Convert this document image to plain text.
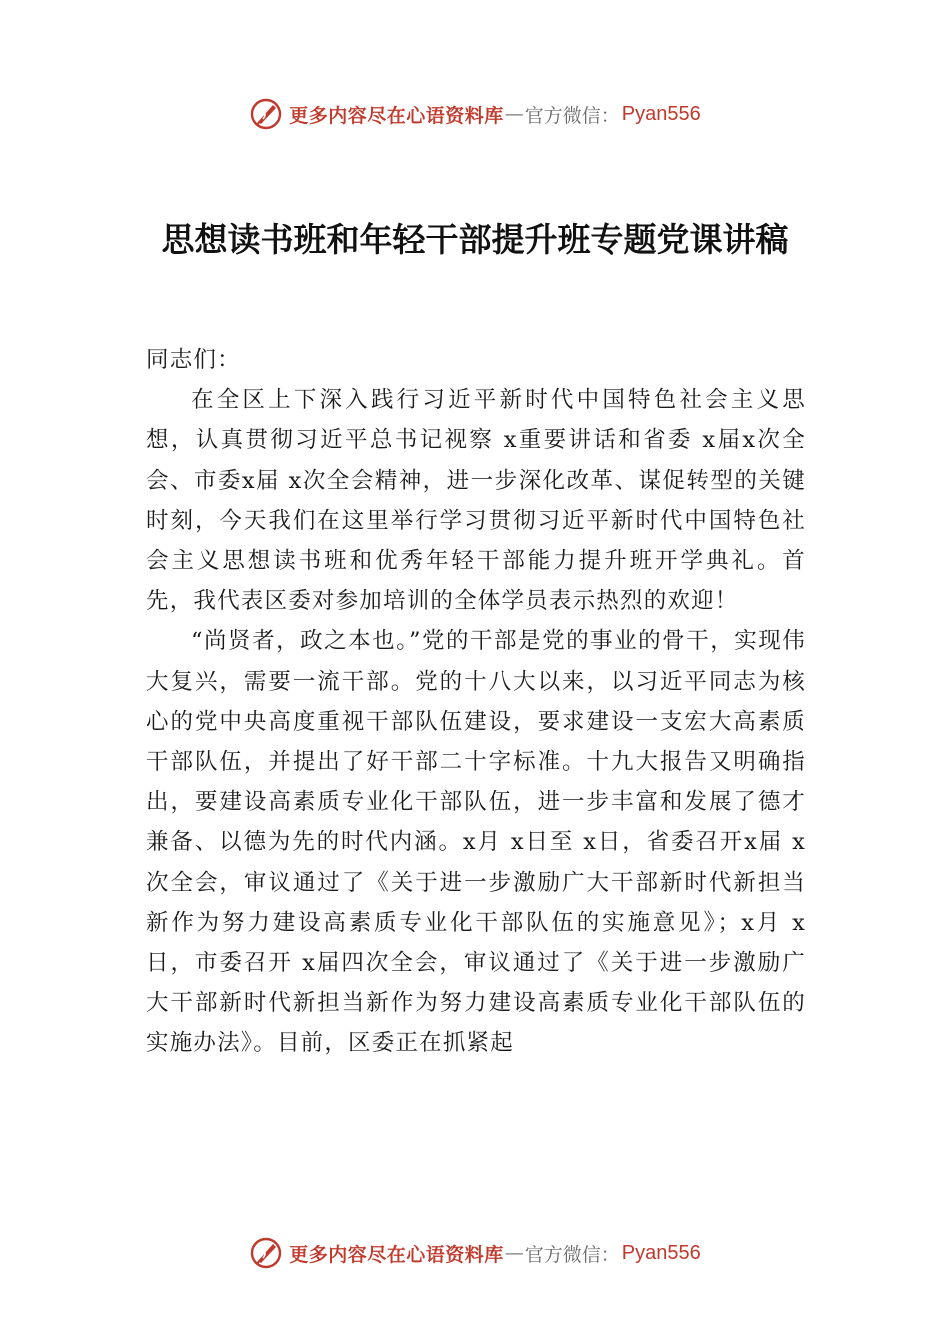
更多内容尽在心语资料库 — 官方微信： Pyan556
思想读书班和年轻干部提升班专题党课讲稿

同志们：

在全区上下深入践行习近平新时代中国特色社会主义思想，认真贯彻习近平总书记视察 x重要讲话和省委 x届x次全会、市委x届 x次全会精神，进一步深化改革、谋促转型的关键时刻，今天我们在这里举行学习贯彻习近平新时代中国特色社会主义思想读书班和优秀年轻干部能力提升班开学典礼。首先，我代表区委对参加培训的全体学员表示热烈的欢迎！

“尚贤者，政之本也。”党的干部是党的事业的骨干，实现伟大复兴，需要一流干部。党的十八大以来，以习近平同志为核心的党中央高度重视干部队伍建设，要求建设一支宏大高素质干部队伍，并提出了好干部二十字标准。十九大报告又明确指出，要建设高素质专业化干部队伍，进一步丰富和发展了德才兼备、以德为先的时代内涵。x月 x日至 x日，省委召开x届 x次全会，审议通过了《关于进一步激励广大干部新时代新担当新作为努力建设高素质专业化干部队伍的实施意见》；x月 x日，市委召开 x届四次全会，审议通过了《关于进一步激励广大干部新时代新担当新作为努力建设高素质专业化干部队伍的实施办法》。目前，区委正在抓紧起

更多内容尽在心语资料库 — 官方微信： Pyan556
